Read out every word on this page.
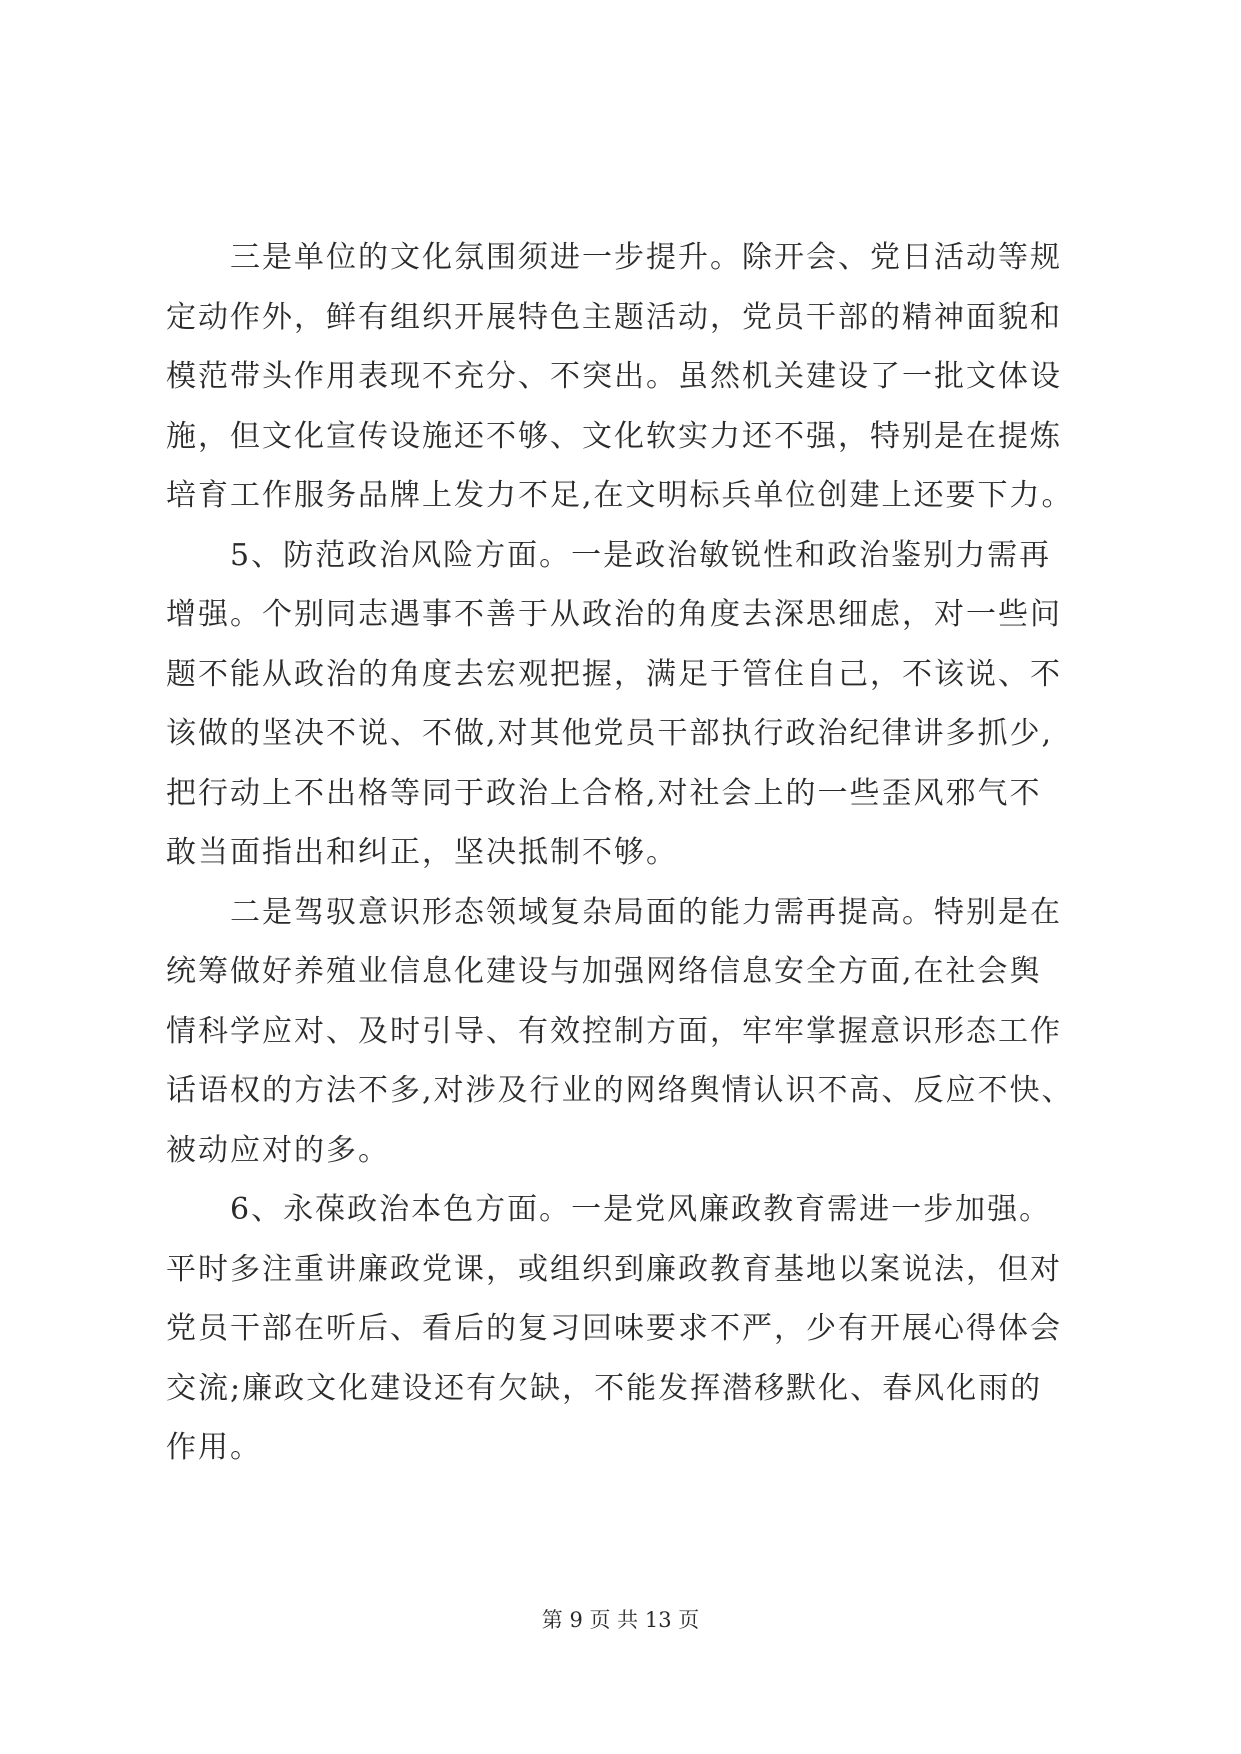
三是单位的文化氛围须进一步提升。除开会、党日活动等规
定动作外，鲜有组织开展特色主题活动，党员干部的精神面貌和
模范带头作用表现不充分、不突出。虽然机关建设了一批文体设
施，但文化宣传设施还不够、文化软实力还不强，特别是在提炼
培育工作服务品牌上发力不足,在文明标兵单位创建上还要下力。
5、防范政治风险方面。一是政治敏锐性和政治鉴别力需再
增强。个别同志遇事不善于从政治的角度去深思细虑，对一些问
题不能从政治的角度去宏观把握，满足于管住自己，不该说、不
该做的坚决不说、不做,对其他党员干部执行政治纪律讲多抓少,
把行动上不出格等同于政治上合格,对社会上的一些歪风邪气不
敢当面指出和纠正，坚决抵制不够。
二是驾驭意识形态领域复杂局面的能力需再提高。特别是在
统筹做好养殖业信息化建设与加强网络信息安全方面,在社会舆
情科学应对、及时引导、有效控制方面，牢牢掌握意识形态工作
话语权的方法不多,对涉及行业的网络舆情认识不高、反应不快、
被动应对的多。
6、永葆政治本色方面。一是党风廉政教育需进一步加强。
平时多注重讲廉政党课，或组织到廉政教育基地以案说法，但对
党员干部在听后、看后的复习回味要求不严，少有开展心得体会
交流;廉政文化建设还有欠缺，不能发挥潜移默化、春风化雨的
作用。
第 9 页 共 13 页
